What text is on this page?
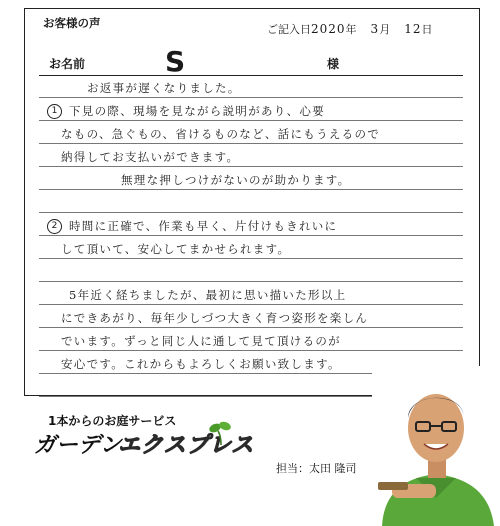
お客様の声	ご記入日2020年 3月 12日
お名前	S	様
お返事が遅くなりました。
下見の際、現場を見ながら説明があり、心要
なもの、急ぐもの、省けるものなど、話にもうえるので
納得してお支払いができます。
無理な押しつけがないのが助かります。
時間に正確で、作業も早く、片付けもきれいに
して頂いて、安心してまかせられます。
5年近く経ちましたが、最初に思い描いた形以上
にできあがり、毎年少しづつ大きく育つ姿形を楽しん
でいます。ずっと同じ人に通して見て頂けるのが
安心です。これからもよろしくお願い致します。
1
2
1本からのお庭サービス
ガーデン
エクスプレス
担当：太田 隆司
